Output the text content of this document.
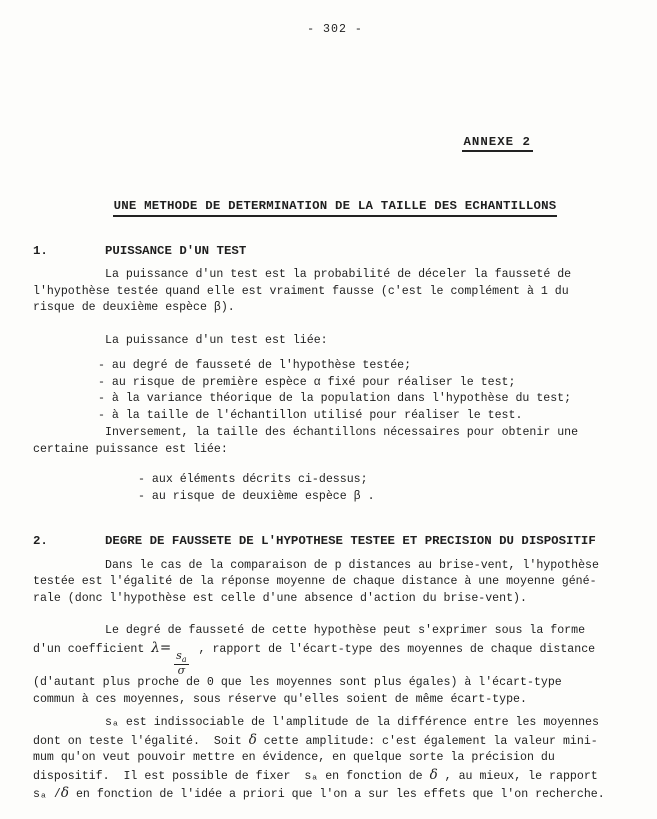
- 302 -
ANNEXE 2
UNE METHODE DE DETERMINATION DE LA TAILLE DES ECHANTILLONS
1.	PUISSANCE D'UN TEST
La puissance d'un test est la probabilité de déceler la fausseté de
l'hypothèse testée quand elle est vraiment fausse (c'est le complément à 1 du
risque de deuxième espèce β).
La puissance d'un test est liée:
- au degré de fausseté de l'hypothèse testée;
- au risque de première espèce α fixé pour réaliser le test;
- à la variance théorique de la population dans l'hypothèse du test;
- à la taille de l'échantillon utilisé pour réaliser le test.
Inversement, la taille des échantillons nécessaires pour obtenir une
certaine puissance est liée:
- aux éléments décrits ci-dessus;
- au risque de deuxième espèce β .
2.	DEGRE DE FAUSSETE DE L'HYPOTHESE TESTEE ET PRECISION DU DISPOSITIF
Dans le cas de la comparaison de p distances au brise-vent, l'hypothèse
testée est l'égalité de la réponse moyenne de chaque distance à une moyenne géné-
rale (donc l'hypothèse est celle d'une absence d'action du brise-vent).
Le degré de fausseté de cette hypothèse peut s'exprimer sous la forme
d'un coefficient λ=
$\frac{s_a}{\sigma}$
, rapport de l'écart-type des moyennes de chaque distance
(d'autant plus proche de 0 que les moyennes sont plus égales) à l'écart-type
commun à ces moyennes, sous réserve qu'elles soient de même écart-type.
sₐ est indissociable de l'amplitude de la différence entre les moyennes
dont on teste l'égalité.  Soit δ cette amplitude: c'est également la valeur mini-
mum qu'on veut pouvoir mettre en évidence, en quelque sorte la précision du
dispositif.  Il est possible de fixer  sₐ en fonction de δ , au mieux, le rapport
sₐ /δ en fonction de l'idée a priori que l'on a sur les effets que l'on recherche.
